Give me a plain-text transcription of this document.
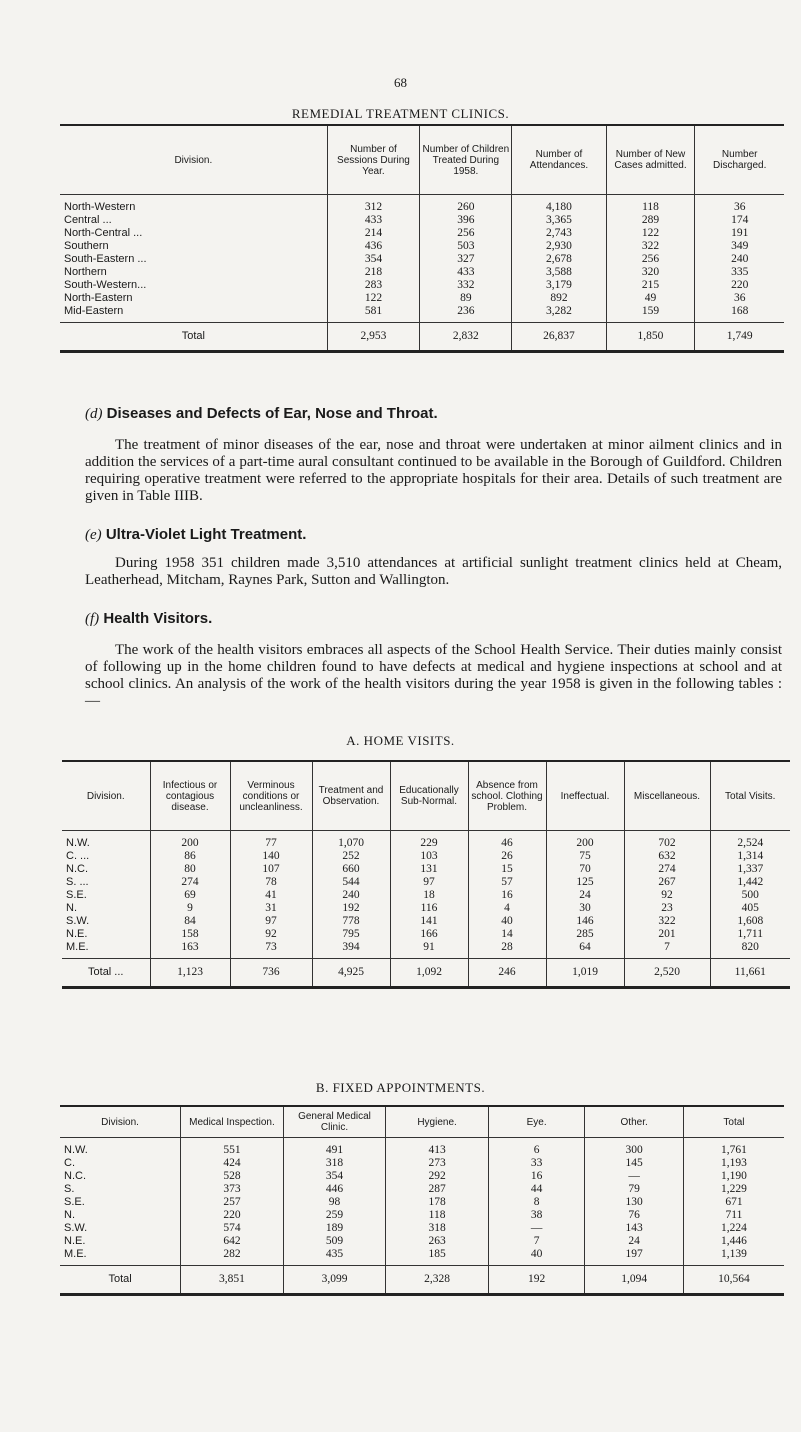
68
REMEDIAL TREATMENT CLINICS.
Division.	Number of Sessions During Year.	Number of Children Treated During 1958.	Number of Attendances.	Number of New Cases admitted.	Number Discharged.
North-Western	312	260	4,180	118	36
Central ...	433	396	3,365	289	174
North-Central ...	214	256	2,743	122	191
Southern	436	503	2,930	322	349
South-Eastern ...	354	327	2,678	256	240
Northern	218	433	3,588	320	335
South-Western...	283	332	3,179	215	220
North-Eastern	122	89	892	49	36
Mid-Eastern	581	236	3,282	159	168
Total	2,953	2,832	26,837	1,850	1,749
(d) Diseases and Defects of Ear, Nose and Throat.
The treatment of minor diseases of the ear, nose and throat were undertaken at minor ailment clinics and in addition the services of a part-time aural consultant continued to be available in the Borough of Guildford. Children requiring operative treatment were referred to the appropriate hospitals for their area. Details of such treatment are given in Table IIIB.
(e) Ultra-Violet Light Treatment.
During 1958 351 children made 3,510 attendances at artificial sunlight treatment clinics held at Cheam, Leatherhead, Mitcham, Raynes Park, Sutton and Wallington.
(f) Health Visitors.
The work of the health visitors embraces all aspects of the School Health Service. Their duties mainly consist of following up in the home children found to have defects at medical and hygiene inspections at school and at school clinics. An analysis of the work of the health visitors during the year 1958 is given in the following tables :—
A. HOME VISITS.
Division.	Infectious or contagious disease.	Verminous conditions or uncleanliness.	Treatment and Observation.	Educationally Sub-Normal.	Absence from school. Clothing Problem.	Ineffectual.	Miscellaneous.	Total Visits.
N.W.	200	77	1,070	229	46	200	702	2,524
C. ...	86	140	252	103	26	75	632	1,314
N.C.	80	107	660	131	15	70	274	1,337
S. ...	274	78	544	97	57	125	267	1,442
S.E.	69	41	240	18	16	24	92	500
N.	9	31	192	116	4	30	23	405
S.W.	84	97	778	141	40	146	322	1,608
N.E.	158	92	795	166	14	285	201	1,711
M.E.	163	73	394	91	28	64	7	820
Total ...	1,123	736	4,925	1,092	246	1,019	2,520	11,661
B. FIXED APPOINTMENTS.
Division.	Medical Inspection.	General Medical Clinic.	Hygiene.	Eye.	Other.	Total
N.W.	551	491	413	6	300	1,761
C.	424	318	273	33	145	1,193
N.C.	528	354	292	16	—	1,190
S.	373	446	287	44	79	1,229
S.E.	257	98	178	8	130	671
N.	220	259	118	38	76	711
S.W.	574	189	318	—	143	1,224
N.E.	642	509	263	7	24	1,446
M.E.	282	435	185	40	197	1,139
Total	3,851	3,099	2,328	192	1,094	10,564
